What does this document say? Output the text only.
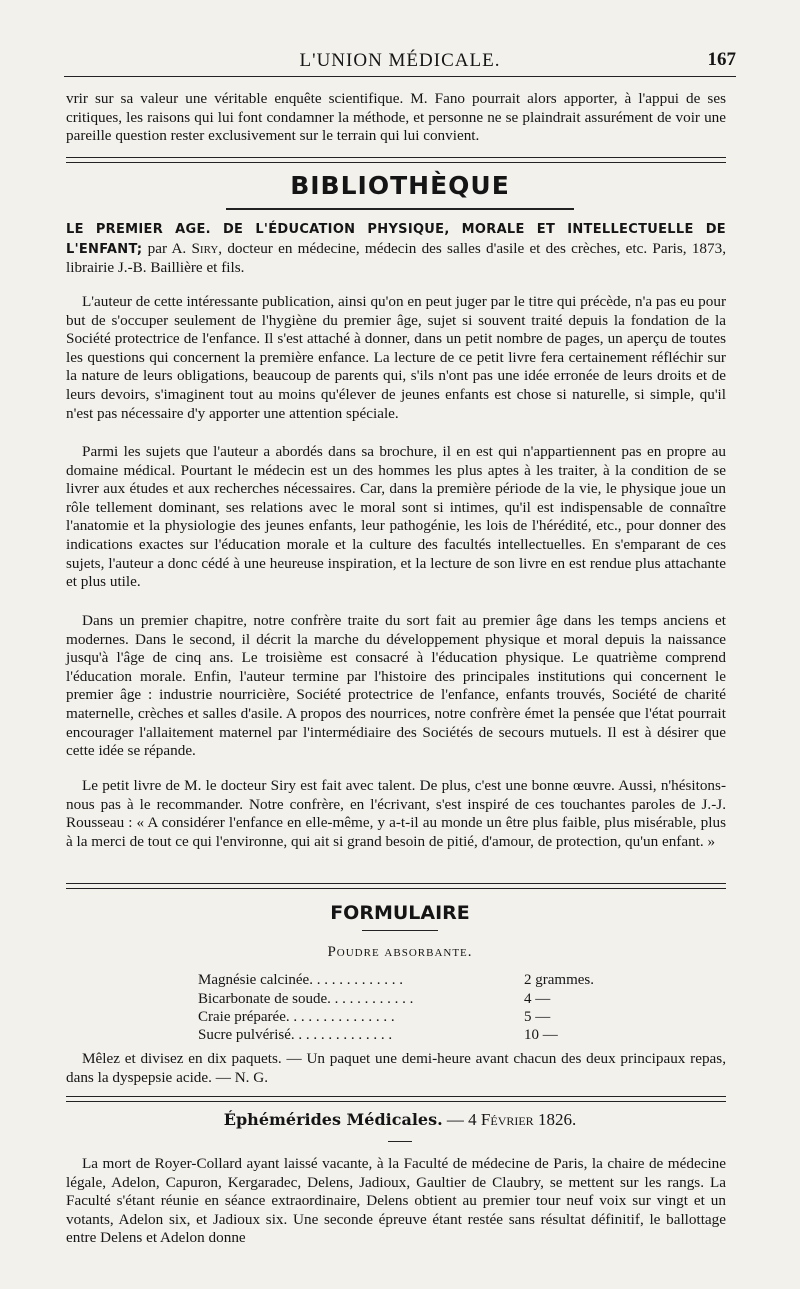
L'UNION MÉDICALE.	167
vrir sur sa valeur une véritable enquête scientifique. M. Fano pourrait alors apporter, à l'appui de ses critiques, les raisons qui lui font condamner la méthode, et personne ne se plaindrait assurément de voir une pareille question rester exclusivement sur le terrain qui lui convient.
BIBLIOTHÈQUE
LE PREMIER AGE. DE L'ÉDUCATION PHYSIQUE, MORALE ET INTELLECTUELLE DE L'ENFANT; par A. Siry, docteur en médecine, médecin des salles d'asile et des crèches, etc. Paris, 1873, librairie J.-B. Baillière et fils.
L'auteur de cette intéressante publication, ainsi qu'on en peut juger par le titre qui précède, n'a pas eu pour but de s'occuper seulement de l'hygiène du premier âge, sujet si souvent traité depuis la fondation de la Société protectrice de l'enfance. Il s'est attaché à donner, dans un petit nombre de pages, un aperçu de toutes les questions qui concernent la première enfance. La lecture de ce petit livre fera certainement réfléchir sur la nature de leurs obligations, beaucoup de parents qui, s'ils n'ont pas une idée erronée de leurs droits et de leurs devoirs, s'imaginent tout au moins qu'élever de jeunes enfants est chose si naturelle, si simple, qu'il n'est pas nécessaire d'y apporter une attention spéciale.
Parmi les sujets que l'auteur a abordés dans sa brochure, il en est qui n'appartiennent pas en propre au domaine médical. Pourtant le médecin est un des hommes les plus aptes à les traiter, à la condition de se livrer aux études et aux recherches nécessaires. Car, dans la première période de la vie, le physique joue un rôle tellement dominant, ses relations avec le moral sont si intimes, qu'il est indispensable de connaître l'anatomie et la physiologie des jeunes enfants, leur pathogénie, les lois de l'hérédité, etc., pour donner des indications exactes sur l'éducation morale et la culture des facultés intellectuelles. En s'emparant de ces sujets, l'auteur a donc cédé à une heureuse inspiration, et la lecture de son livre en est rendue plus attachante et plus utile.
Dans un premier chapitre, notre confrère traite du sort fait au premier âge dans les temps anciens et modernes. Dans le second, il décrit la marche du développement physique et moral depuis la naissance jusqu'à l'âge de cinq ans. Le troisième est consacré à l'éducation physique. Le quatrième comprend l'éducation morale. Enfin, l'auteur termine par l'histoire des principales institutions qui concernent le premier âge : industrie nourricière, Société protectrice de l'enfance, enfants trouvés, Société de charité maternelle, crèches et salles d'asile. A propos des nourrices, notre confrère émet la pensée que l'état pourrait encourager l'allaitement maternel par l'intermédiaire des Sociétés de secours mutuels. Il est à désirer que cette idée se répande.
Le petit livre de M. le docteur Siry est fait avec talent. De plus, c'est une bonne œuvre. Aussi, n'hésitons-nous pas à le recommander. Notre confrère, en l'écrivant, s'est inspiré de ces touchantes paroles de J.-J. Rousseau : « A considérer l'enfance en elle-même, y a-t-il au monde un être plus faible, plus misérable, plus à la merci de tout ce qui l'environne, qui ait si grand besoin de pitié, d'amour, de protection, qu'un enfant. »
FORMULAIRE
Poudre absorbante.
Magnésie calcinée. . . . . . . . . . . . .	2 grammes.
Bicarbonate de soude. . . . . . . . . . . .	4 —
Craie préparée. . . . . . . . . . . . . . .	5 —
Sucre pulvérisé. . . . . . . . . . . . . .	10 —
Mêlez et divisez en dix paquets. — Un paquet une demi-heure avant chacun des deux principaux repas, dans la dyspepsie acide. — N. G.
Éphémérides Médicales. — 4 Février 1826.
La mort de Royer-Collard ayant laissé vacante, à la Faculté de médecine de Paris, la chaire de médecine légale, Adelon, Capuron, Kergaradec, Delens, Jadioux, Gaultier de Claubry, se mettent sur les rangs. La Faculté s'étant réunie en séance extraordinaire, Delens obtient au premier tour neuf voix sur vingt et un votants, Adelon six, et Jadioux six. Une seconde épreuve étant restée sans résultat définitif, le ballottage entre Delens et Adelon donne
